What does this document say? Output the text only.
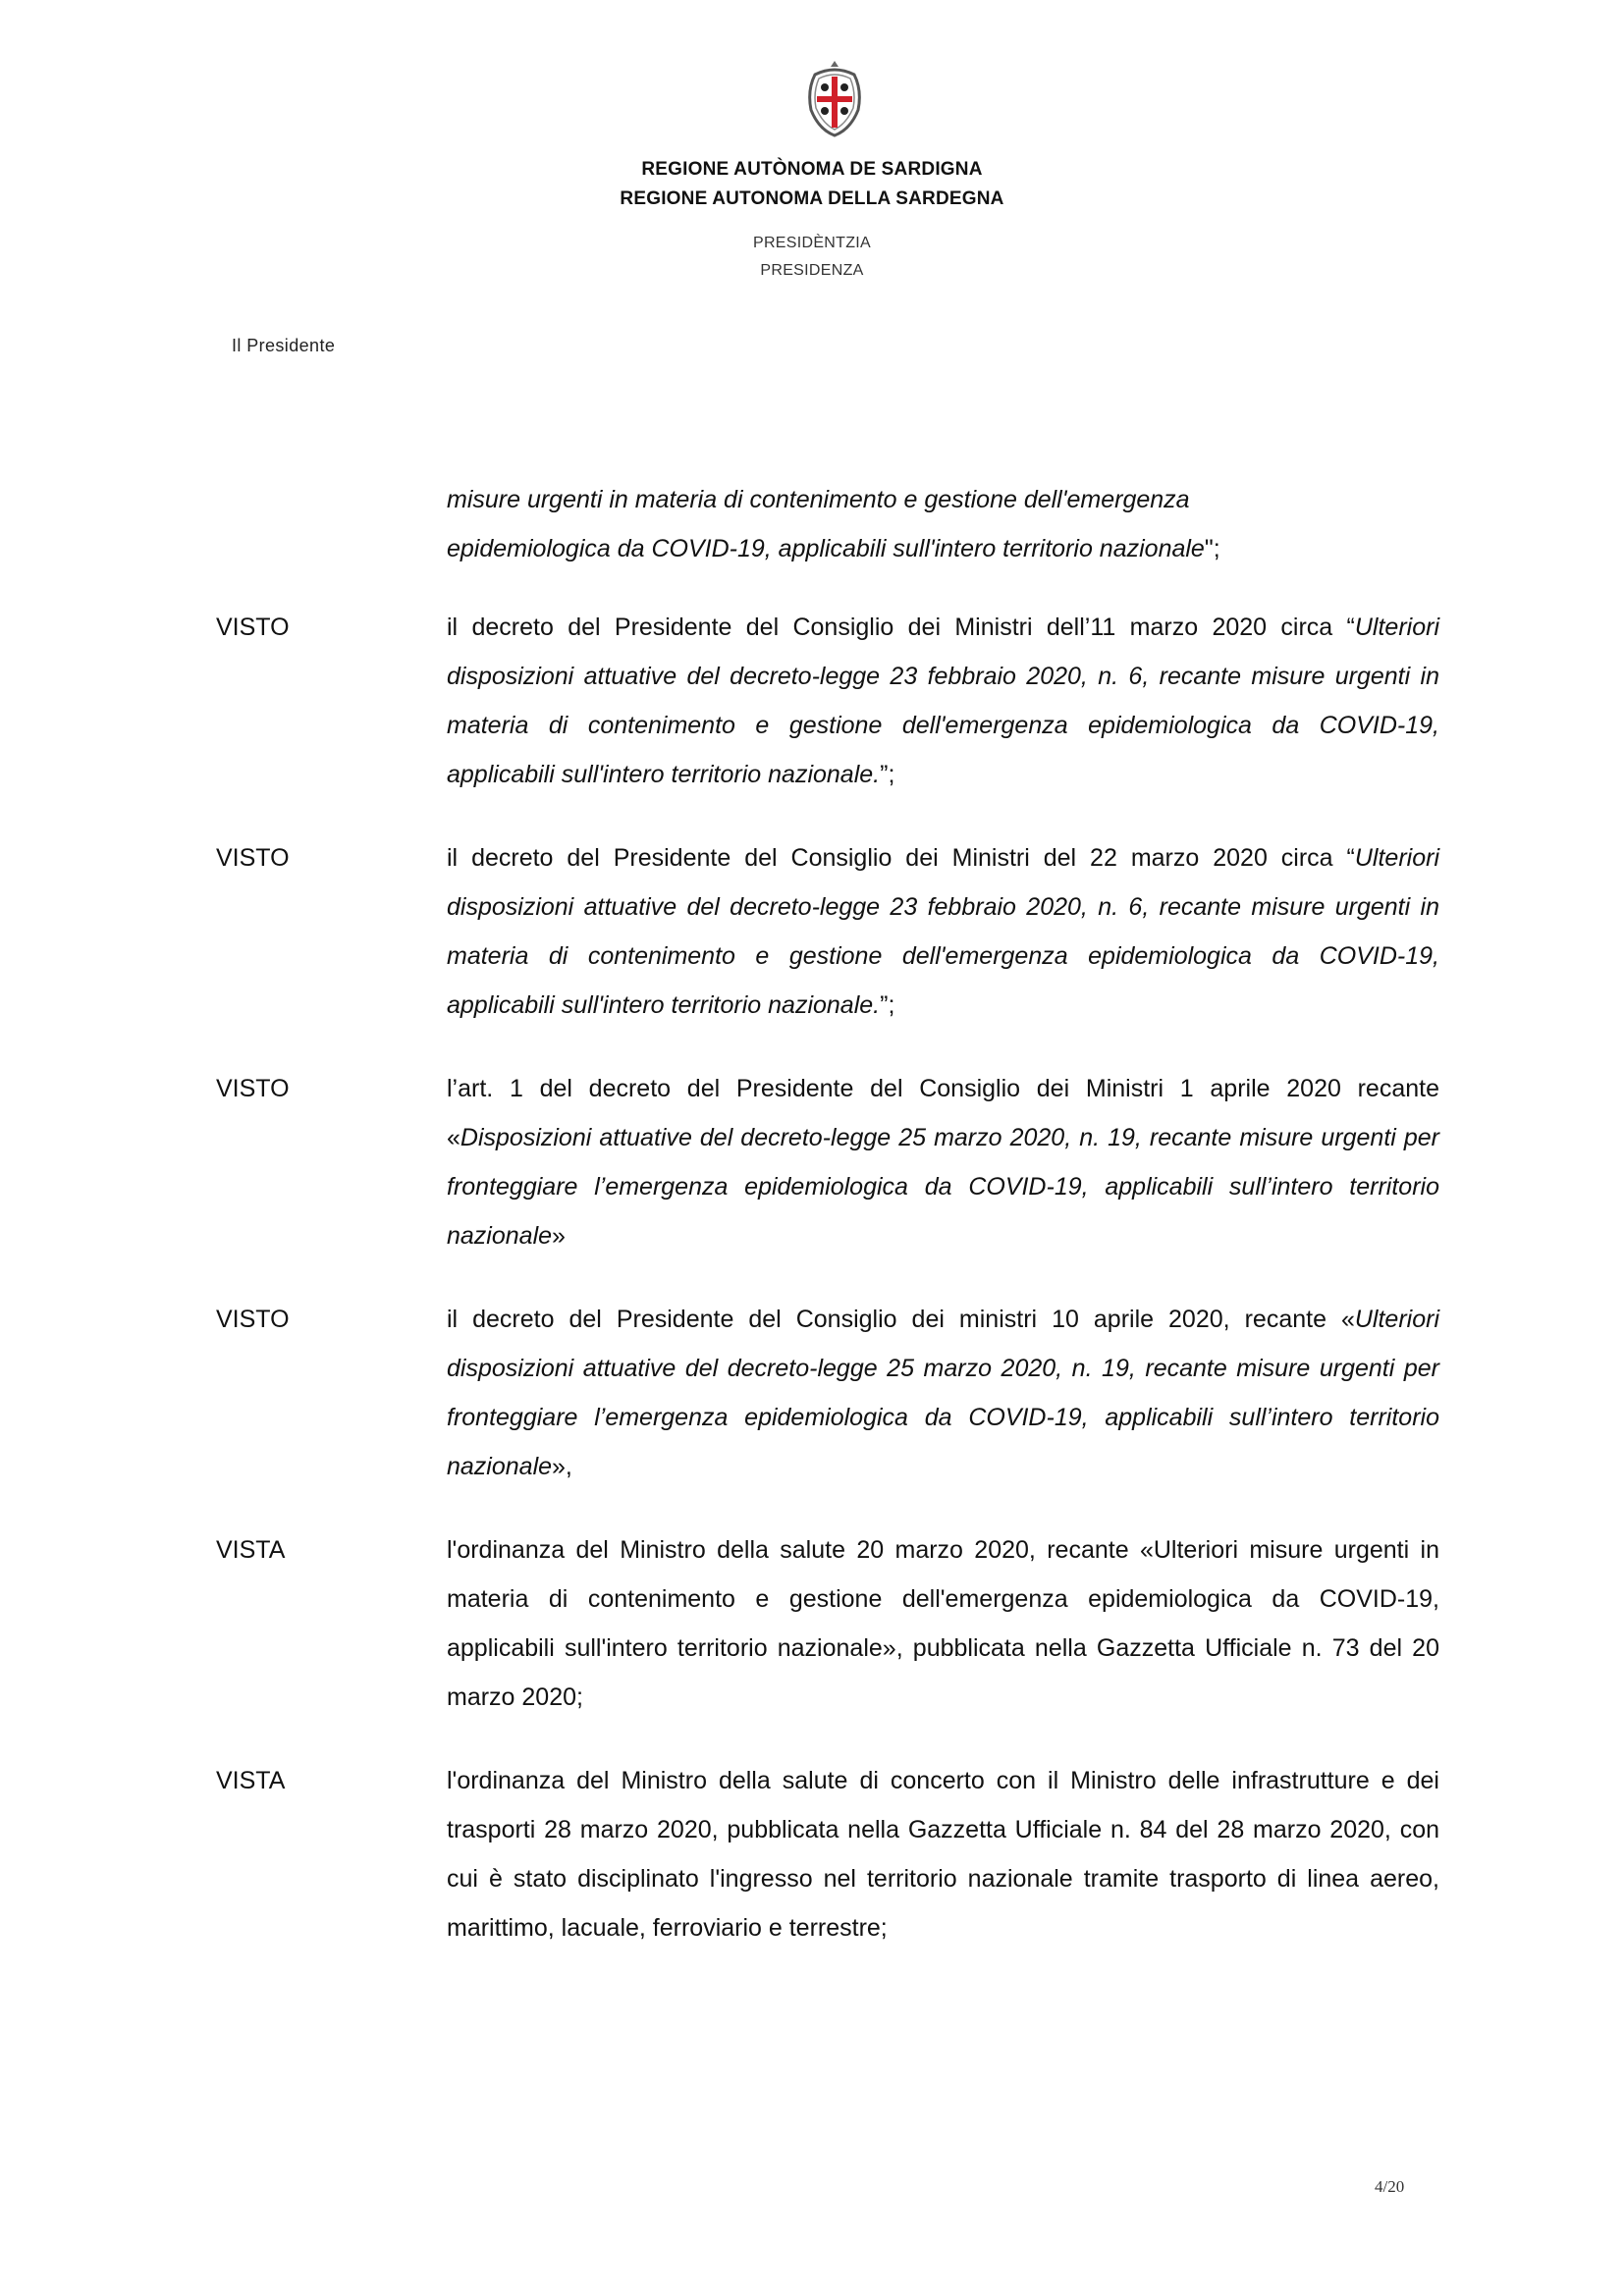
REGIONE AUTÒNOMA DE SARDIGNA
REGIONE AUTONOMA DELLA SARDEGNA
PRESIDÈNTZIA
PRESIDENZA
Il Presidente

misure urgenti in materia di contenimento e gestione dell'emergenza

epidemiologica da COVID-19, applicabili sull'intero territorio nazionale";

VISTO	il decreto del Presidente del Consiglio dei Ministri dell’11 marzo 2020 circa “Ulteriori disposizioni attuative del decreto-legge 23 febbraio 2020, n. 6, recante misure urgenti in materia di contenimento e gestione dell'emergenza epidemiologica da COVID-19, applicabili sull'intero territorio nazionale.”;
VISTO	il decreto del Presidente del Consiglio dei Ministri del 22 marzo 2020 circa “Ulteriori disposizioni attuative del decreto-legge 23 febbraio 2020, n. 6, recante misure urgenti in materia di contenimento e gestione dell'emergenza epidemiologica da COVID-19, applicabili sull'intero territorio nazionale.”;
VISTO	l’art. 1 del decreto del Presidente del Consiglio dei Ministri 1 aprile 2020 recante «Disposizioni attuative del decreto-legge 25 marzo 2020, n. 19, recante misure urgenti per fronteggiare l’emergenza epidemiologica da COVID-19, applicabili sull’intero territorio nazionale»
VISTO	il decreto del Presidente del Consiglio dei ministri 10 aprile 2020, recante «Ulteriori disposizioni attuative del decreto-legge 25 marzo 2020, n. 19, recante misure urgenti per fronteggiare l’emergenza epidemiologica da COVID-19, applicabili sull’intero territorio nazionale»,
VISTA	l'ordinanza del Ministro della salute 20 marzo 2020, recante «Ulteriori misure urgenti in materia di contenimento e gestione dell'emergenza epidemiologica da COVID-19, applicabili sull'intero territorio nazionale», pubblicata nella Gazzetta Ufficiale n. 73 del 20 marzo 2020;
VISTA	l'ordinanza del Ministro della salute di concerto con il Ministro delle infrastrutture e dei trasporti 28 marzo 2020, pubblicata nella Gazzetta Ufficiale n. 84 del 28 marzo 2020, con cui è stato disciplinato l'ingresso nel territorio nazionale tramite trasporto di linea aereo, marittimo, lacuale, ferroviario e terrestre;
4/20
